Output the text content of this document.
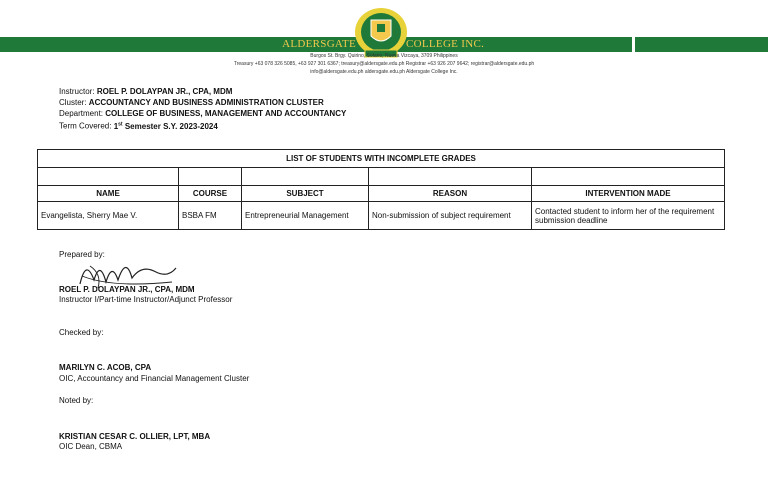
ALDERSGATE	COLLEGE INC.
Burgos St. Brgy. Quirino, Solano, Nueva Vizcaya, 3709 Philippines
Treasury +63 078 326 5085, +63 927 301 6367; treasury@aldersgate.edu.ph Registrar +63 926 207 9642; registrar@aldersgate.edu.ph
info@aldersgate.edu.ph aldersgate.edu.ph Aldersgate College Inc.
Instructor: ROEL P. DOLAYPAN JR., CPA, MDM
Cluster: ACCOUNTANCY AND BUSINESS ADMINISTRATION CLUSTER
Department: COLLEGE OF BUSINESS, MANAGEMENT AND ACCOUNTANCY
Term Covered: 1st Semester S.Y. 2023-2024
LIST OF STUDENTS WITH INCOMPLETE GRADES				

NAME	COURSE	SUBJECT	REASON	INTERVENTION MADE
Evangelista, Sherry Mae V.	BSBA FM	Entrepreneurial Management	Non-submission of subject requirement	Contacted student to inform her of the requirement submission deadline
Prepared by:
ROEL P. DOLAYPAN JR., CPA, MDM
Instructor I/Part-time Instructor/Adjunct Professor
Checked by:
MARILYN C. ACOB, CPA
OIC, Accountancy and Financial Management Cluster
Noted by:
KRISTIAN CESAR C. OLLIER, LPT, MBA
OIC Dean, CBMA
